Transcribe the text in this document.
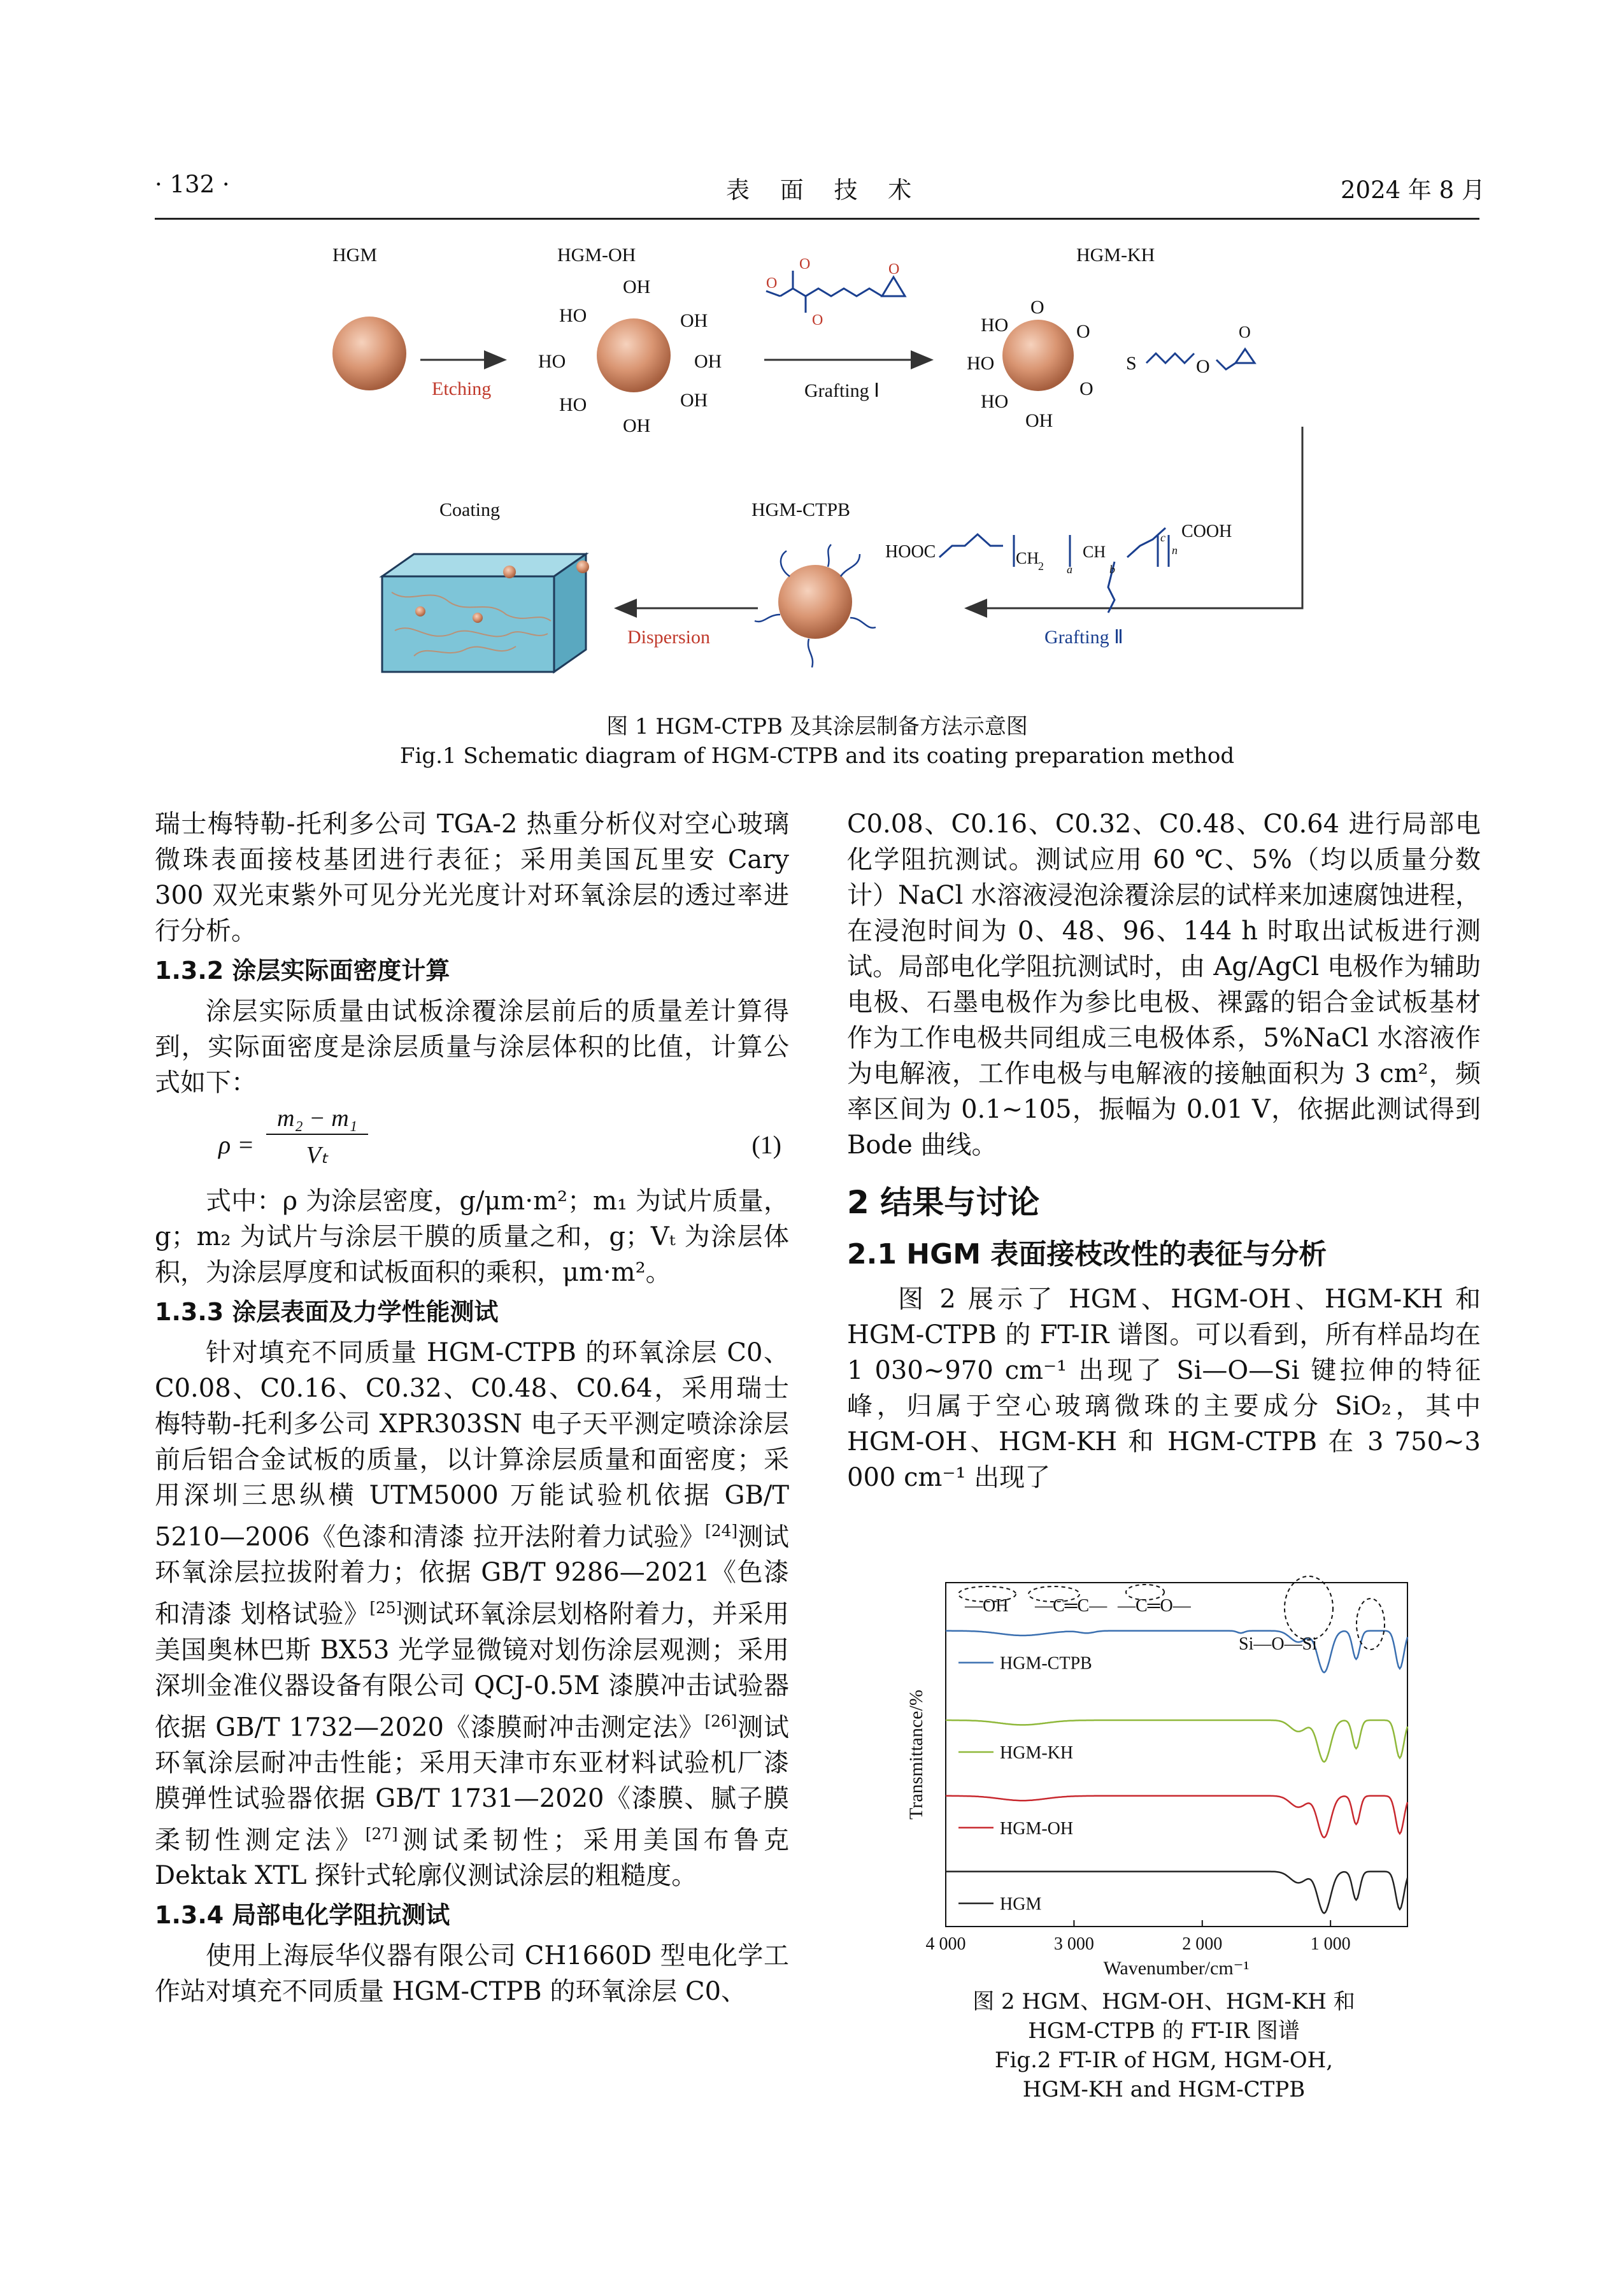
· 132 ·	表 面 技 术	2024 年 8 月
HGM
Etching
HGM-OH
OH
HO	OH
HO	OH
HO	OH
OH
O
O
O
O
Grafting Ⅰ
HGM-KH
HO
O
HO
HO
OH
O
O
S	O
O
Grafting Ⅱ
HOOC	CH
2
CH
a	b
c
n
COOH
HGM-CTPB
Dispersion
Coating
图 1 HGM-CTPB 及其涂层制备方法示意图
Fig.1 Schematic diagram of HGM-CTPB and its coating preparation method

瑞士梅特勒-托利多公司 TGA-2 热重分析仪对空心玻璃微珠表面接枝基团进行表征；采用美国瓦里安 Cary 300 双光束紫外可见分光光度计对环氧涂层的透过率进行分析。

1.3.2 涂层实际面密度计算

涂层实际质量由试板涂覆涂层前后的质量差计算得到，实际面密度是涂层质量与涂层体积的比值，计算公式如下：

$\rho = \frac{\text{m₂ − m₁}}{\text{Vₜ}}$	(1)

式中：ρ 为涂层密度，g/μm·m²；m₁ 为试片质量，g；m₂ 为试片与涂层干膜的质量之和，g；Vₜ 为涂层体积，为涂层厚度和试板面积的乘积，μm·m²。

1.3.3 涂层表面及力学性能测试

针对填充不同质量 HGM-CTPB 的环氧涂层 C0、C0.08、C0.16、C0.32、C0.48、C0.64，采用瑞士梅特勒-托利多公司 XPR303SN 电子天平测定喷涂涂层前后铝合金试板的质量，以计算涂层质量和面密度；采用深圳三思纵横 UTM5000 万能试验机依据 GB/T 5210—2006《色漆和清漆 拉开法附着力试验》[24]测试环氧涂层拉拔附着力；依据 GB/T 9286—2021《色漆和清漆 划格试验》[25]测试环氧涂层划格附着力，并采用美国奥林巴斯 BX53 光学显微镜对划伤涂层观测；采用深圳金准仪器设备有限公司 QCJ-0.5M 漆膜冲击试验器依据 GB/T 1732—2020《漆膜耐冲击测定法》[26]测试环氧涂层耐冲击性能；采用天津市东亚材料试验机厂漆膜弹性试验器依据 GB/T 1731—2020《漆膜、腻子膜柔韧性测定法》[27]测试柔韧性；采用美国布鲁克 Dektak XTL 探针式轮廓仪测试涂层的粗糙度。

1.3.4 局部电化学阻抗测试

使用上海辰华仪器有限公司 CH1660D 型电化学工作站对填充不同质量 HGM-CTPB 的环氧涂层 C0、

C0.08、C0.16、C0.32、C0.48、C0.64 进行局部电化学阻抗测试。测试应用 60 ℃、5%（均以质量分数计）NaCl 水溶液浸泡涂覆涂层的试样来加速腐蚀进程，在浸泡时间为 0、48、96、144 h 时取出试板进行测试。局部电化学阻抗测试时，由 Ag/AgCl 电极作为辅助电极、石墨电极作为参比电极、裸露的铝合金试板基材作为工作电极共同组成三电极体系，5%NaCl 水溶液作为电解液，工作电极与电解液的接触面积为 3 cm²，频率区间为 0.1~105，振幅为 0.01 V，依据此测试得到 Bode 曲线。

2 结果与讨论

2.1 HGM 表面接枝改性的表征与分析

图 2 展示了 HGM、HGM-OH、HGM-KH 和 HGM-CTPB 的 FT-IR 谱图。可以看到，所有样品均在 1 030~970 cm⁻¹ 出现了 Si—O—Si 键拉伸的特征峰，归属于空心玻璃微珠的主要成分 SiO₂，其中 HGM-OH、HGM-KH 和 HGM-CTPB 在 3 750~3 000 cm⁻¹ 出现了

4 000	3 000	2 000	1 000
HGM-CTPB
HGM-KH
HGM-OH
HGM
Wavenumber/cm⁻¹
Transmittance/%
—OH —C═C— —C═O—
Si—O—Si
图 2 HGM、HGM-OH、HGM-KH 和
HGM-CTPB 的 FT-IR 图谱
Fig.2 FT-IR of HGM, HGM-OH,
HGM-KH and HGM-CTPB
